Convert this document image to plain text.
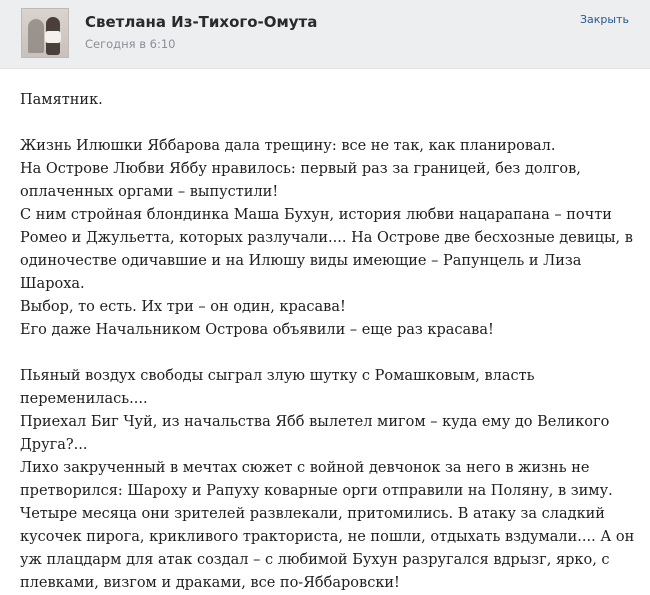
Светлана Из-Тихого-Омута
Сегодня в 6:10
Закрыть
Памятник.
Жизнь Илюшки Яббарова дала трещину: все не так, как планировал.
На Острове Любви Яббу нравилось: первый раз за границей, без долгов,
оплаченных оргами – выпустили!
С ним стройная блондинка Маша Бухун, история любви нацарапана – почти
Ромео и Джульетта, которых разлучали.... На Острове две бесхозные девицы, в
одиночестве одичавшие и на Илюшу виды имеющие – Рапунцель и Лиза
Шароха.
Выбор, то есть. Их три – он один, красава!
Его даже Начальником Острова объявили – еще раз красава!
Пьяный воздух свободы сыграл злую шутку с Ромашковым, власть
переменилась....
Приехал Биг Чуй, из начальства Ябб вылетел мигом – куда ему до Великого
Друга?...
Лихо закрученный в мечтах сюжет с войной девчонок за него в жизнь не
претворился: Шароху и Рапуху коварные орги отправили на Поляну, в зиму.
Четыре месяца они зрителей развлекали, притомились. В атаку за сладкий
кусочек пирога, крикливого тракториста, не пошли, отдыхать вздумали.... А он
уж плацдарм для атак создал – с любимой Бухун разругался вдрызг, ярко, с
плевками, визгом и драками, все по-Яббаровски!
